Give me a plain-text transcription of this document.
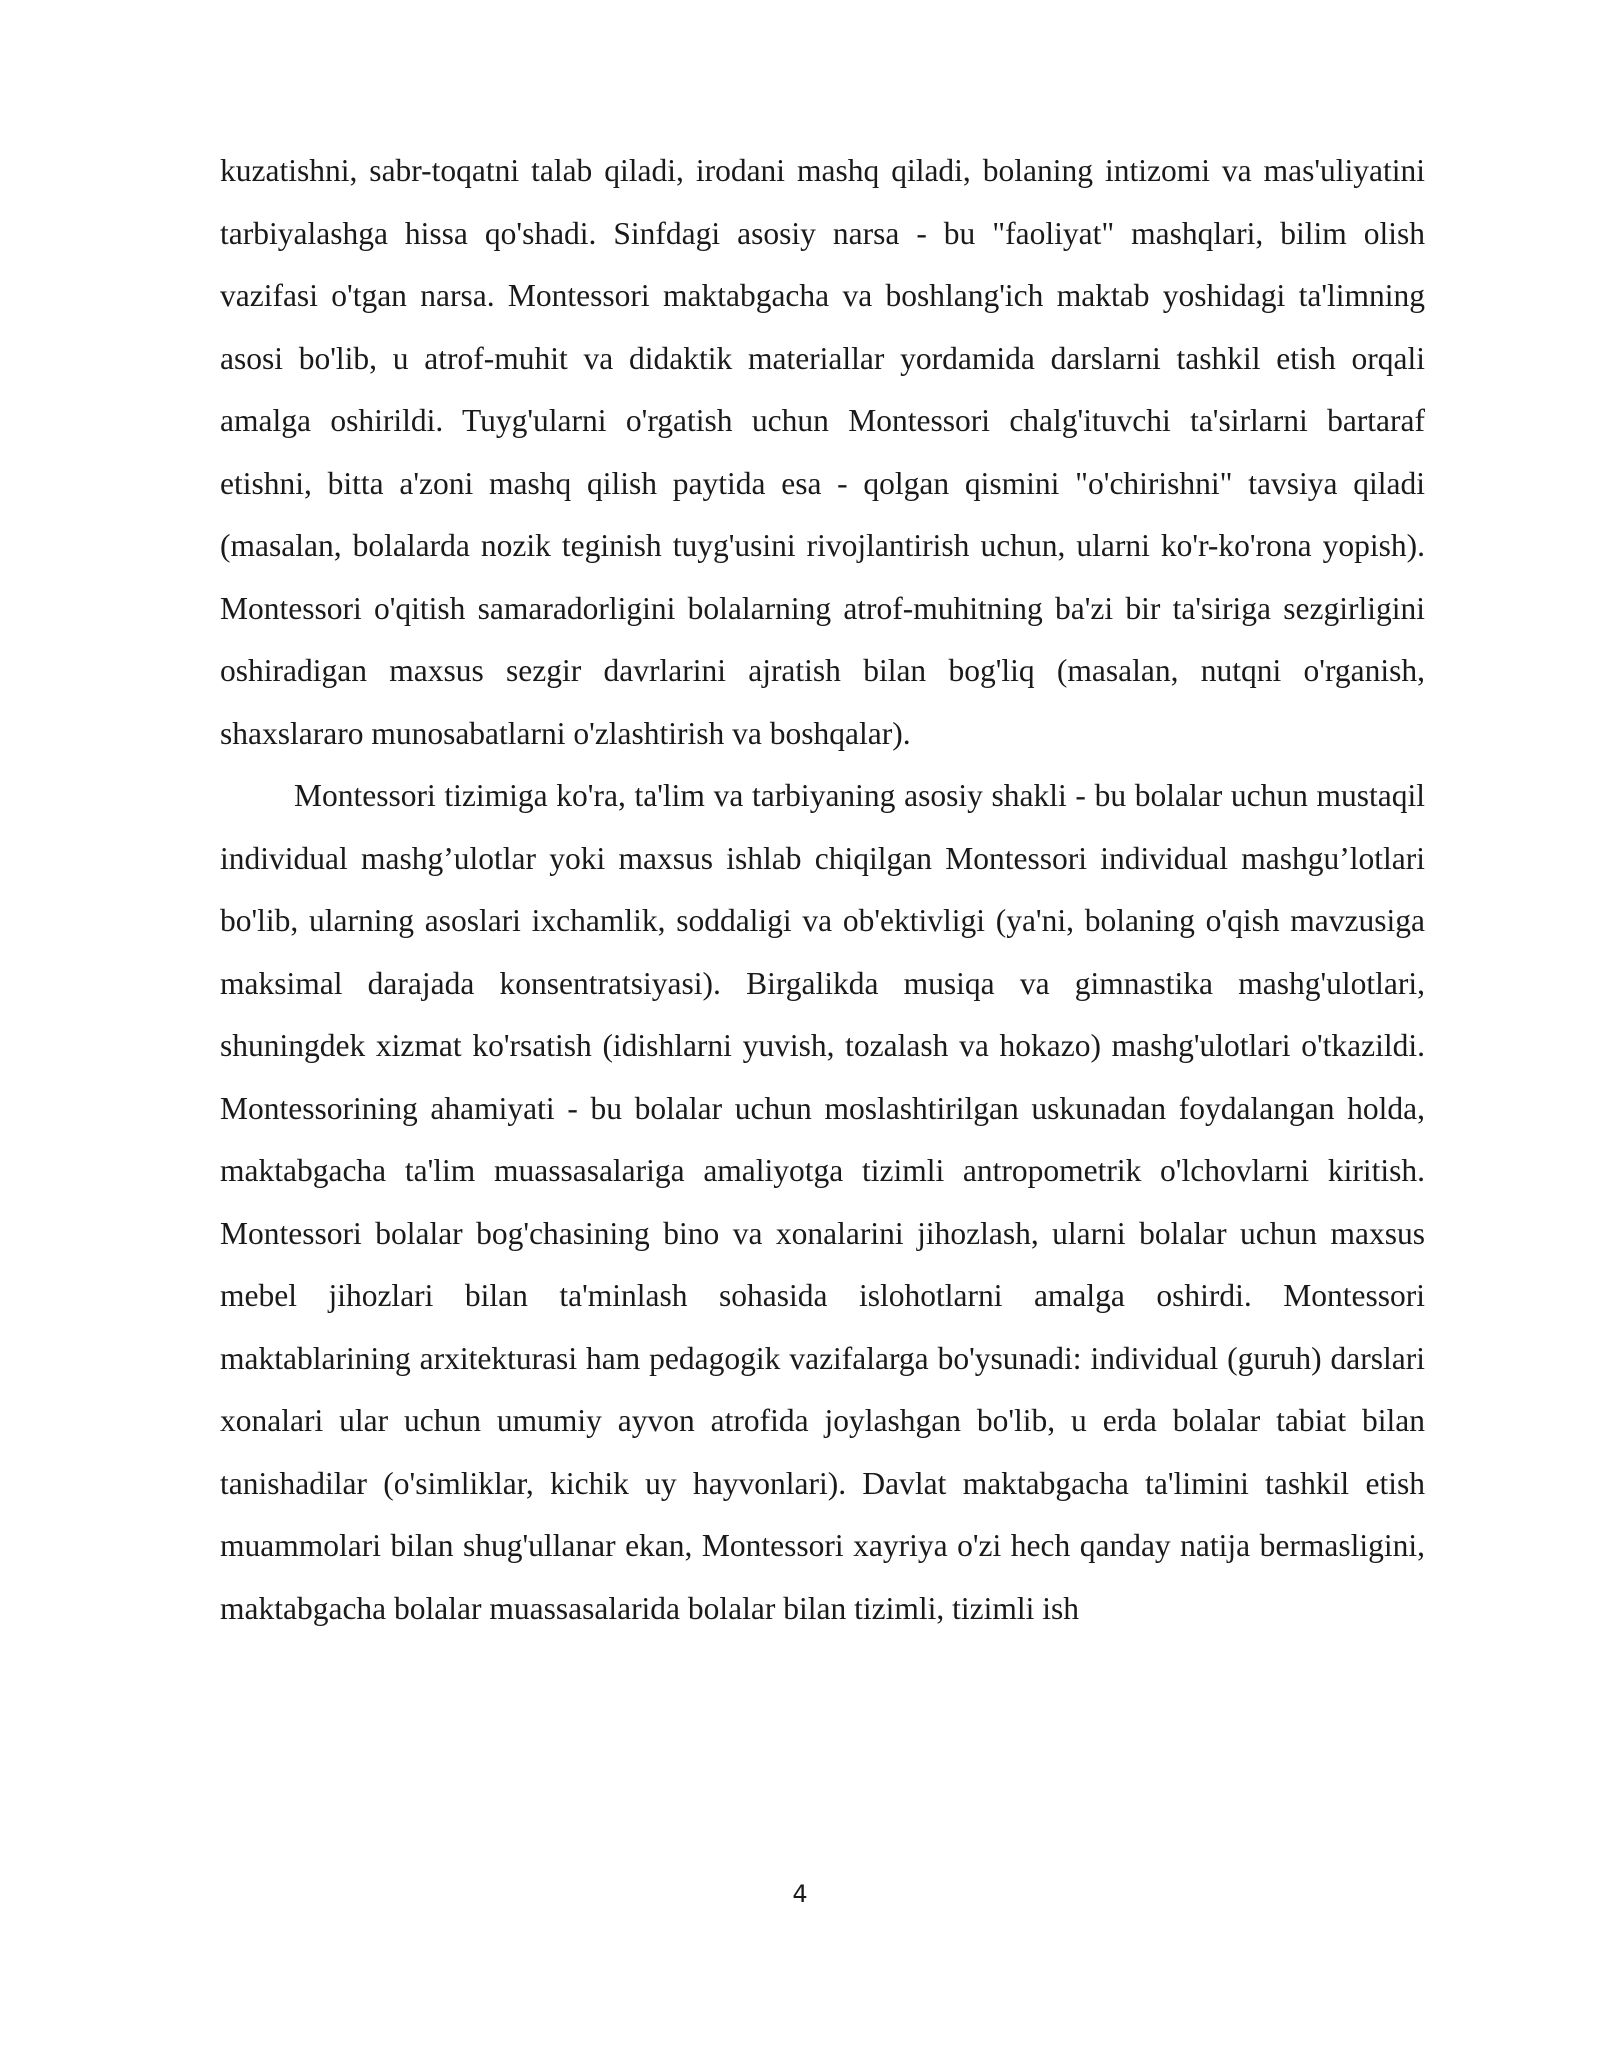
kuzatishni, sabr-toqatni talab qiladi, irodani mashq qiladi, bolaning intizomi va mas'uliyatini tarbiyalashga hissa qo'shadi. Sinfdagi asosiy narsa - bu "faoliyat" mashqlari, bilim olish vazifasi o'tgan narsa. Montessori maktabgacha va boshlang'ich maktab yoshidagi ta'limning asosi bo'lib, u atrof-muhit va didaktik materiallar yordamida darslarni tashkil etish orqali amalga oshirildi. Tuyg'ularni o'rgatish uchun Montessori chalg'ituvchi ta'sirlarni bartaraf etishni, bitta a'zoni mashq qilish paytida esa - qolgan qismini "o'chirishni" tavsiya qiladi (masalan, bolalarda nozik teginish tuyg'usini rivojlantirish uchun, ularni ko'r-ko'rona yopish). Montessori o'qitish samaradorligini bolalarning atrof-muhitning ba'zi bir ta'siriga sezgirligini oshiradigan maxsus sezgir davrlarini ajratish bilan bog'liq (masalan, nutqni o'rganish, shaxslararo munosabatlarni o'zlashtirish va boshqalar).

Montessori tizimiga ko'ra, ta'lim va tarbiyaning asosiy shakli - bu bolalar uchun mustaqil individual mashg’ulotlar yoki maxsus ishlab chiqilgan Montessori individual mashgu’lotlari bo'lib, ularning asoslari ixchamlik, soddaligi va ob'ektivligi (ya'ni, bolaning o'qish mavzusiga maksimal darajada konsentratsiyasi). Birgalikda musiqa va gimnastika mashg'ulotlari, shuningdek xizmat ko'rsatish (idishlarni yuvish, tozalash va hokazo) mashg'ulotlari o'tkazildi. Montessorining ahamiyati - bu bolalar uchun moslashtirilgan uskunadan foydalangan holda, maktabgacha ta'lim muassasalariga amaliyotga tizimli antropometrik o'lchovlarni kiritish. Montessori bolalar bog'chasining bino va xonalarini jihozlash, ularni bolalar uchun maxsus mebel jihozlari bilan ta'minlash sohasida islohotlarni amalga oshirdi. Montessori maktablarining arxitekturasi ham pedagogik vazifalarga bo'ysunadi: individual (guruh) darslari xonalari ular uchun umumiy ayvon atrofida joylashgan bo'lib, u erda bolalar tabiat bilan tanishadilar (o'simliklar, kichik uy hayvonlari). Davlat maktabgacha ta'limini tashkil etish muammolari bilan shug'ullanar ekan, Montessori xayriya o'zi hech qanday natija bermasligini, maktabgacha bolalar muassasalarida bolalar bilan tizimli, tizimli ish

4
